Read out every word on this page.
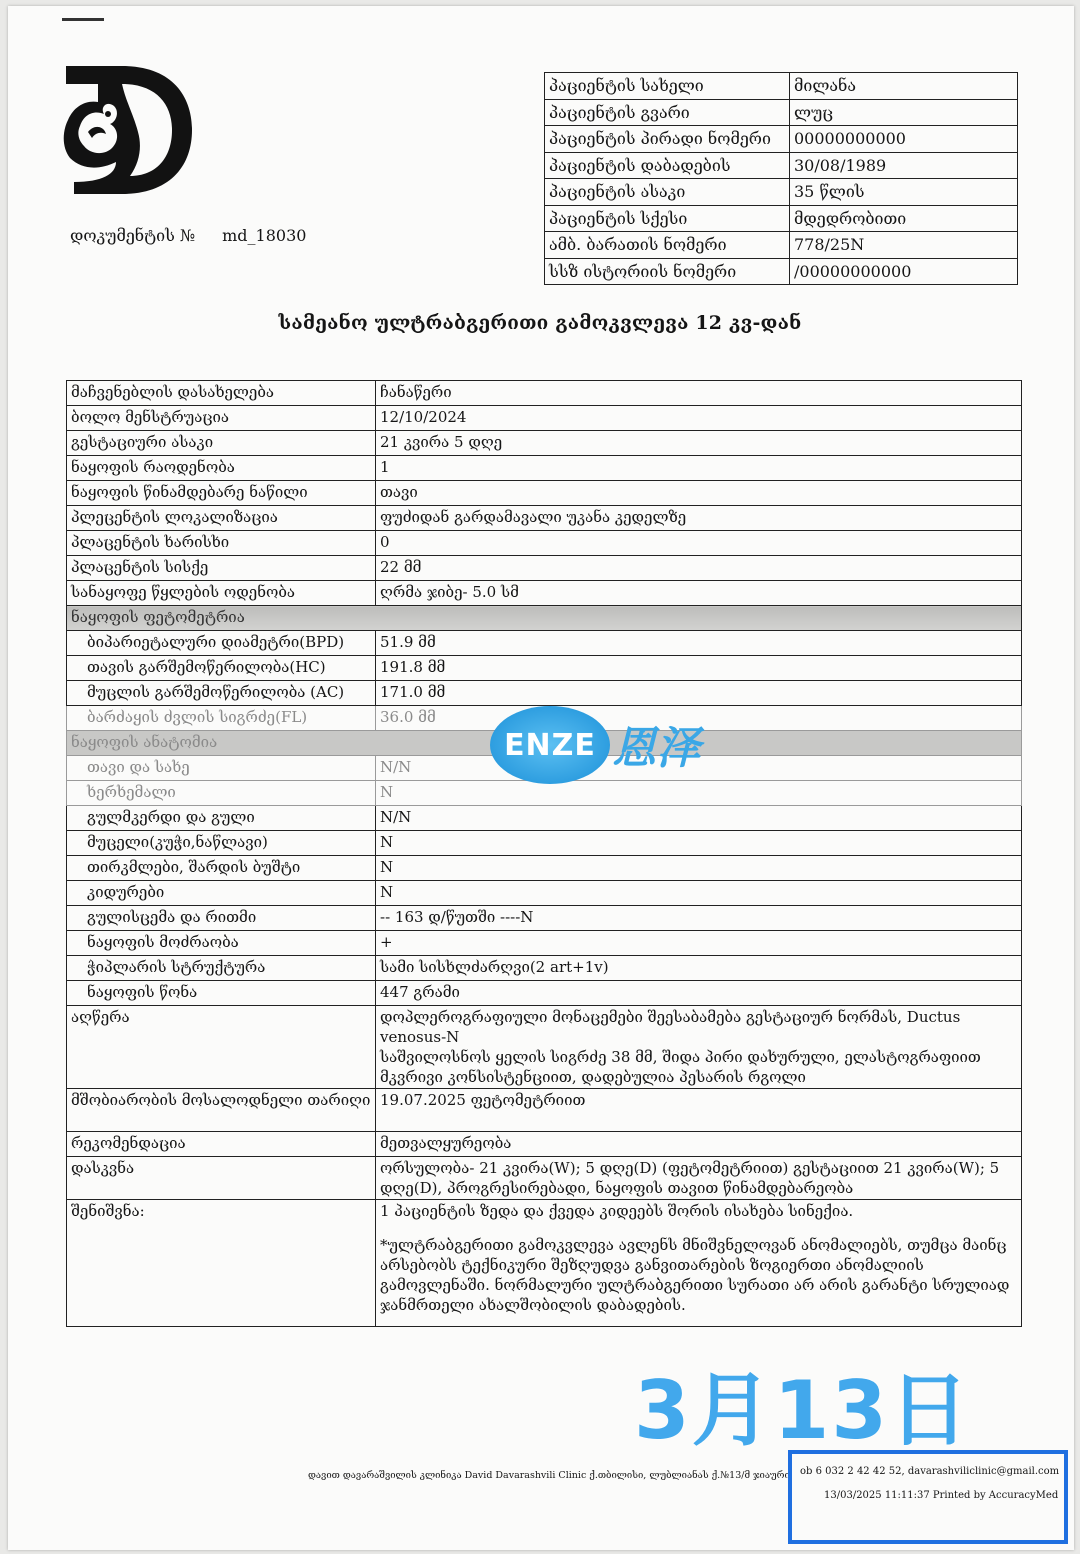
დოკუმენტის № md_18030
პაციენტის სახელი	მილანა
პაციენტის გვარი	ლუც
პაციენტის პირადი ნომერი	00000000000
პაციენტის დაბადების	30/08/1989
პაციენტის ასაკი	35 წლის
პაციენტის სქესი	მდედრობითი
ამბ. ბარათის ნომერი	778/25N
სსზ ისტორიის ნომერი	/00000000000
სამეანო ულტრაბგერითი გამოკვლევა 12 კვ-დან
მაჩვენებლის დასახელება	ჩანაწერი
ბოლო მენსტრუაცია	12/10/2024
გესტაციური ასაკი	21 კვირა 5 დღე
ნაყოფის რაოდენობა	1
ნაყოფის წინამდებარე ნაწილი	თავი
პლეცენტის ლოკალიზაცია	ფუძიდან გარდამავალი უკანა კედელზე
პლაცენტის ხარისხი	0
პლაცენტის სისქე	22 მმ
სანაყოფე წყლების ოდენობა	ღრმა ჯიბე- 5.0 სმ
ნაყოფის ფეტომეტრია	
ბიპარიეტალური დიამეტრი(BPD)	51.9 მმ
თავის გარშემოწერილობა(HC)	191.8 მმ
მუცლის გარშემოწერილობა (AC)	171.0 მმ
ბარძაყის ძვლის სიგრძე(FL)	36.0 მმ
ნაყოფის ანატომია	
თავი და სახე	N/N
ხერხემალი	N
გულმკერდი და გული	N/N
მუცელი(კუჭი,ნაწლავი)	N
თირკმლები, შარდის ბუშტი	N
კიდურები	N
გულისცემა და რითმი	-- 163 დ/წუთში ----N
ნაყოფის მოძრაობა	+
ჭიპლარის სტრუქტურა	სამი სისხლძარღვი(2 art+1v)
ნაყოფის წონა	447 გრამი
აღწერა	დოპლეროგრაფიული მონაცემები შეესაბამება გესტაციურ ნორმას, Ductus venosus-N
საშვილოსნოს ყელის სიგრძე 38 მმ, შიდა პირი დახურული, ელასტოგრაფიით მკვრივი კონსისტენციით, დადებულია პესარის რგოლი

მშობიარობის მოსალოდნელი თარიღი	19.07.2025 ფეტომეტრიით
რეკომენდაცია	მეთვალყურეობა
დასკვნა	ორსულობა- 21 კვირა(W); 5 დღე(D) (ფეტომეტრიით) გესტაციით 21 კვირა(W); 5 დღე(D), პროგრესირებადი, ნაყოფის თავით წინამდებარეობა

შენიშვნა:	1 პაციენტის ზედა და ქვედა კიდეებს შორის ისახება სინექია.
*ულტრაბგერითი გამოკვლევა ავლენს მნიშვნელოვან ანომალიებს, თუმცა მაინც არსებობს ტექნიკური შეზღუდვა განვითარების ზოგიერთი ანომალიის გამოვლენაში. ნორმალური ულტრაბგერითი სურათი არ არის გარანტი სრულიად ჯანმრთელი ახალშობილის დაბადების.
ENZE 恩泽
3月13日
დავით დავარაშვილის კლინიკა David Davarashvili Clinic ქ.თბილისი, ლუბლიანას ქ.№13/მ ჯიაური ob 6 032 2 42 42 52, davarashviliclinic@gmail.com
13/03/2025 11:11:37 Printed by AccuracyMed
